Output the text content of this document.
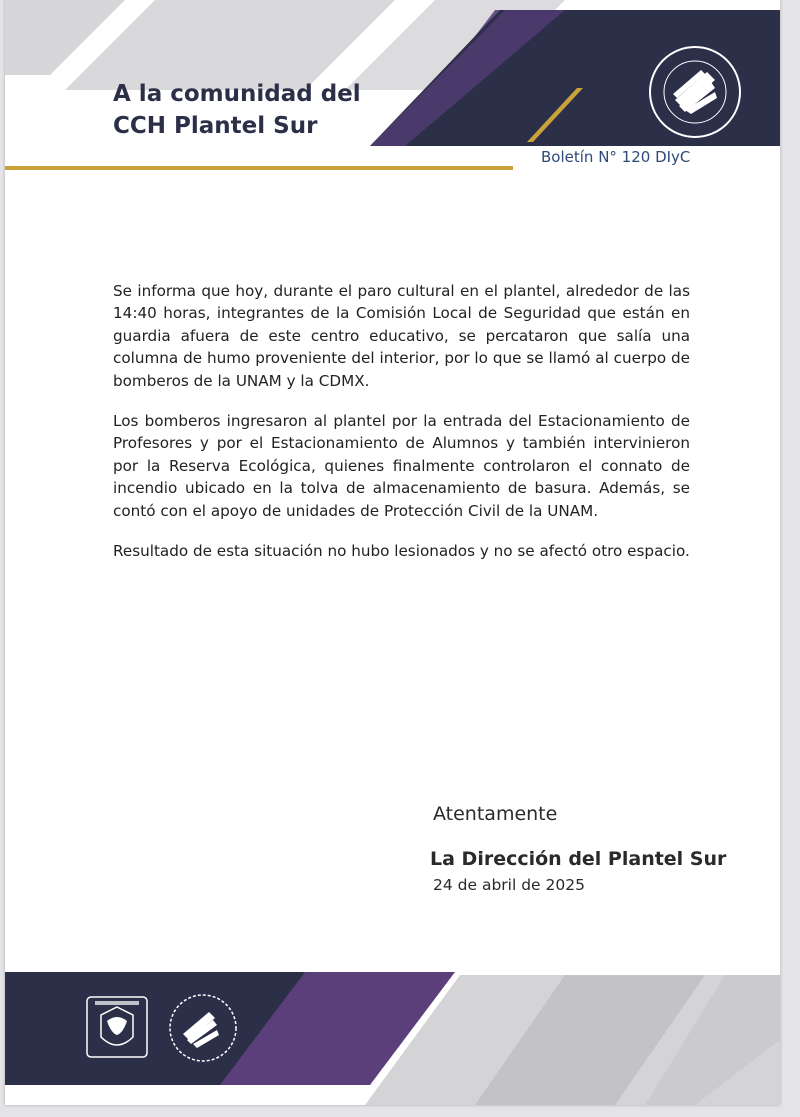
A la comunidad del
CCH Plantel Sur
Boletín N° 120 DIyC

Se informa que hoy, durante el paro cultural en el plantel, alrededor de las 14:40 horas, integrantes de la Comisión Local de Seguridad que están en guardia afuera de este centro educativo, se percataron que salía una columna de humo proveniente del interior, por lo que se llamó al cuerpo de bomberos de la UNAM y la CDMX.

Los bomberos ingresaron al plantel por la entrada del Estacionamiento de Profesores y por el Estacionamiento de Alumnos y también intervinieron por la Reserva Ecológica, quienes finalmente controlaron el connato de incendio ubicado en la tolva de almacenamiento de basura. Además, se contó con el apoyo de unidades de Protección Civil de la UNAM.

Resultado de esta situación no hubo lesionados y no se afectó otro espacio.

Atentamente
La Dirección del Plantel Sur
24 de abril de 2025
